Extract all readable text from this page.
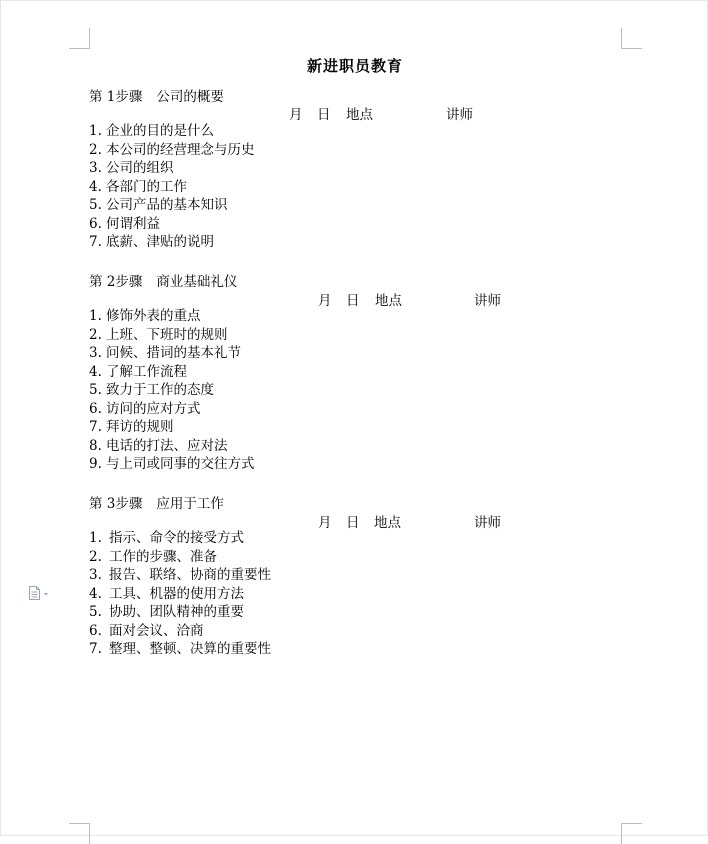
新进职员教育
第 1步骤 公司的概要
月 日 地点	讲师
1. 企业的目的是什么
2. 本公司的经营理念与历史
3. 公司的组织
4. 各部门的工作
5. 公司产品的基本知识
6. 何谓利益
7. 底薪、津贴的说明
第 2步骤 商业基础礼仪
月 日 地点	讲师
1. 修饰外表的重点
2. 上班、下班时的规则
3. 问候、措词的基本礼节
4. 了解工作流程
5. 致力于工作的态度
6. 访问的应对方式
7. 拜访的规则
8. 电话的打法、应对法
9. 与上司或同事的交往方式
第 3步骤 应用于工作
月 日 地点	讲师
1. 指示、命令的接受方式
2. 工作的步骤、准备
3. 报告、联络、协商的重要性
4. 工具、机器的使用方法
5. 协助、团队精神的重要
6. 面对会议、洽商
7. 整理、整顿、决算的重要性
